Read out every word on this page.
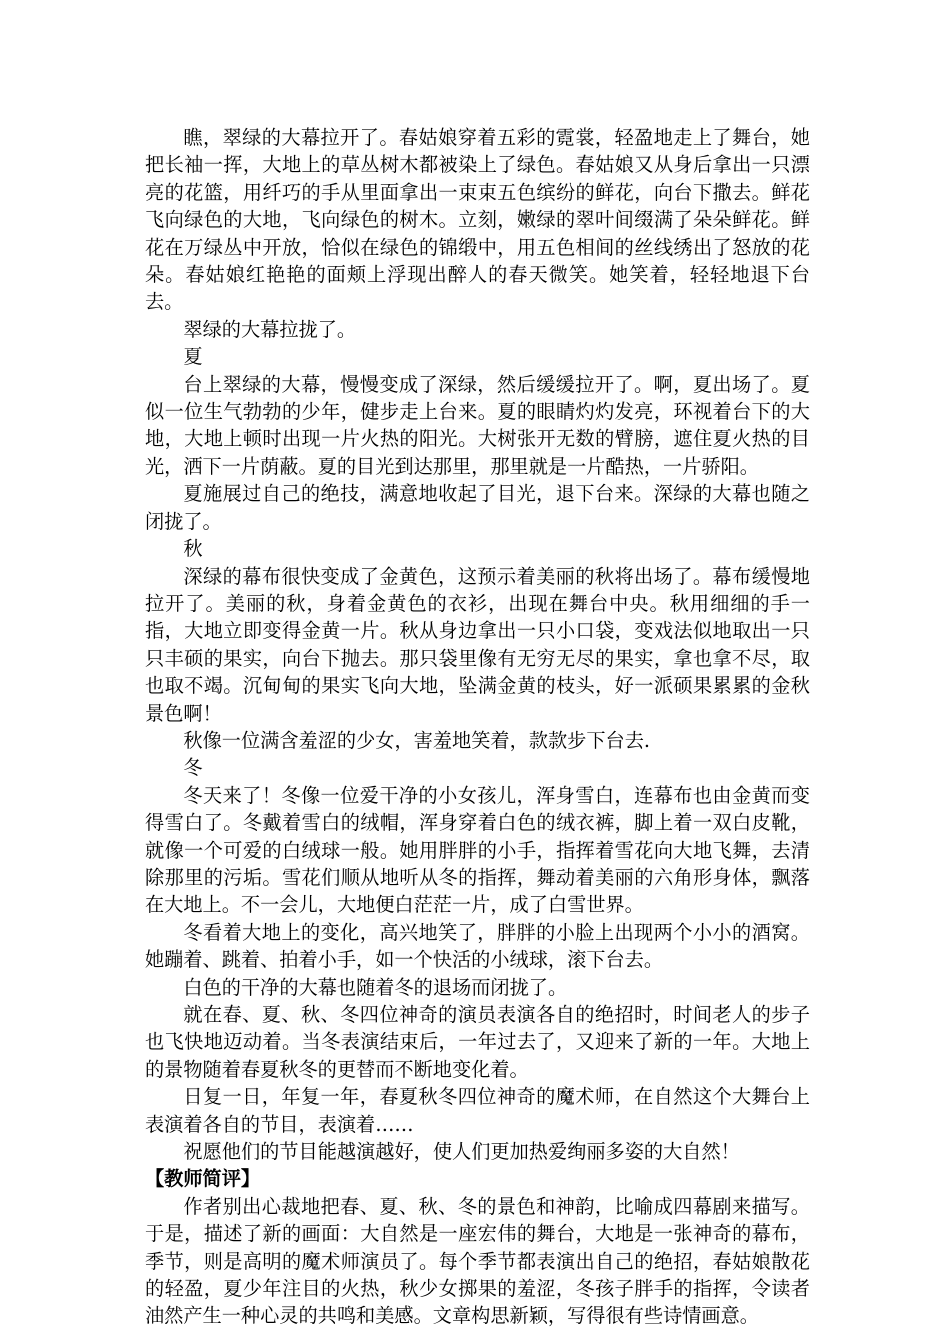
瞧，翠绿的大幕拉开了。春姑娘穿着五彩的霓裳，轻盈地走上了舞台，她把长袖一挥，大地上的草丛树木都被染上了绿色。春姑娘又从身后拿出一只漂亮的花篮，用纤巧的手从里面拿出一束束五色缤纷的鲜花，向台下撒去。鲜花飞向绿色的大地，飞向绿色的树木。立刻，嫩绿的翠叶间缀满了朵朵鲜花。鲜花在万绿丛中开放，恰似在绿色的锦缎中，用五色相间的丝线绣出了怒放的花朵。春姑娘红艳艳的面颊上浮现出醉人的春天微笑。她笑着，轻轻地退下台去。

翠绿的大幕拉拢了。

夏

台上翠绿的大幕，慢慢变成了深绿，然后缓缓拉开了。啊，夏出场了。夏似一位生气勃勃的少年，健步走上台来。夏的眼睛灼灼发亮，环视着台下的大地，大地上顿时出现一片火热的阳光。大树张开无数的臂膀，遮住夏火热的目光，洒下一片荫蔽。夏的目光到达那里，那里就是一片酷热，一片骄阳。

夏施展过自己的绝技，满意地收起了目光，退下台来。深绿的大幕也随之闭拢了。

秋

深绿的幕布很快变成了金黄色，这预示着美丽的秋将出场了。幕布缓慢地拉开了。美丽的秋，身着金黄色的衣衫，出现在舞台中央。秋用细细的手一指，大地立即变得金黄一片。秋从身边拿出一只小口袋，变戏法似地取出一只只丰硕的果实，向台下抛去。那只袋里像有无穷无尽的果实，拿也拿不尽，取也取不竭。沉甸甸的果实飞向大地，坠满金黄的枝头，好一派硕果累累的金秋景色啊！

秋像一位满含羞涩的少女，害羞地笑着，款款步下台去.

冬

冬天来了！冬像一位爱干净的小女孩儿，浑身雪白，连幕布也由金黄而变得雪白了。冬戴着雪白的绒帽，浑身穿着白色的绒衣裤，脚上着一双白皮靴，就像一个可爱的白绒球一般。她用胖胖的小手，指挥着雪花向大地飞舞，去清除那里的污垢。雪花们顺从地听从冬的指挥，舞动着美丽的六角形身体，飘落在大地上。不一会儿，大地便白茫茫一片，成了白雪世界。

冬看着大地上的变化，高兴地笑了，胖胖的小脸上出现两个小小的酒窝。她蹦着、跳着、拍着小手，如一个快活的小绒球，滚下台去。

白色的干净的大幕也随着冬的退场而闭拢了。

就在春、夏、秋、冬四位神奇的演员表演各自的绝招时，时间老人的步子也飞快地迈动着。当冬表演结束后，一年过去了，又迎来了新的一年。大地上的景物随着春夏秋冬的更替而不断地变化着。

日复一日，年复一年，春夏秋冬四位神奇的魔术师，在自然这个大舞台上表演着各自的节目，表演着……

祝愿他们的节目能越演越好，使人们更加热爱绚丽多姿的大自然！

【教师简评】

作者别出心裁地把春、夏、秋、冬的景色和神韵，比喻成四幕剧来描写。于是，描述了新的画面：大自然是一座宏伟的舞台，大地是一张神奇的幕布，季节，则是高明的魔术师演员了。每个季节都表演出自己的绝招，春姑娘散花的轻盈，夏少年注目的火热，秋少女掷果的羞涩，冬孩子胖手的指挥，令读者油然产生一种心灵的共鸣和美感。文章构思新颖，写得很有些诗情画意。
